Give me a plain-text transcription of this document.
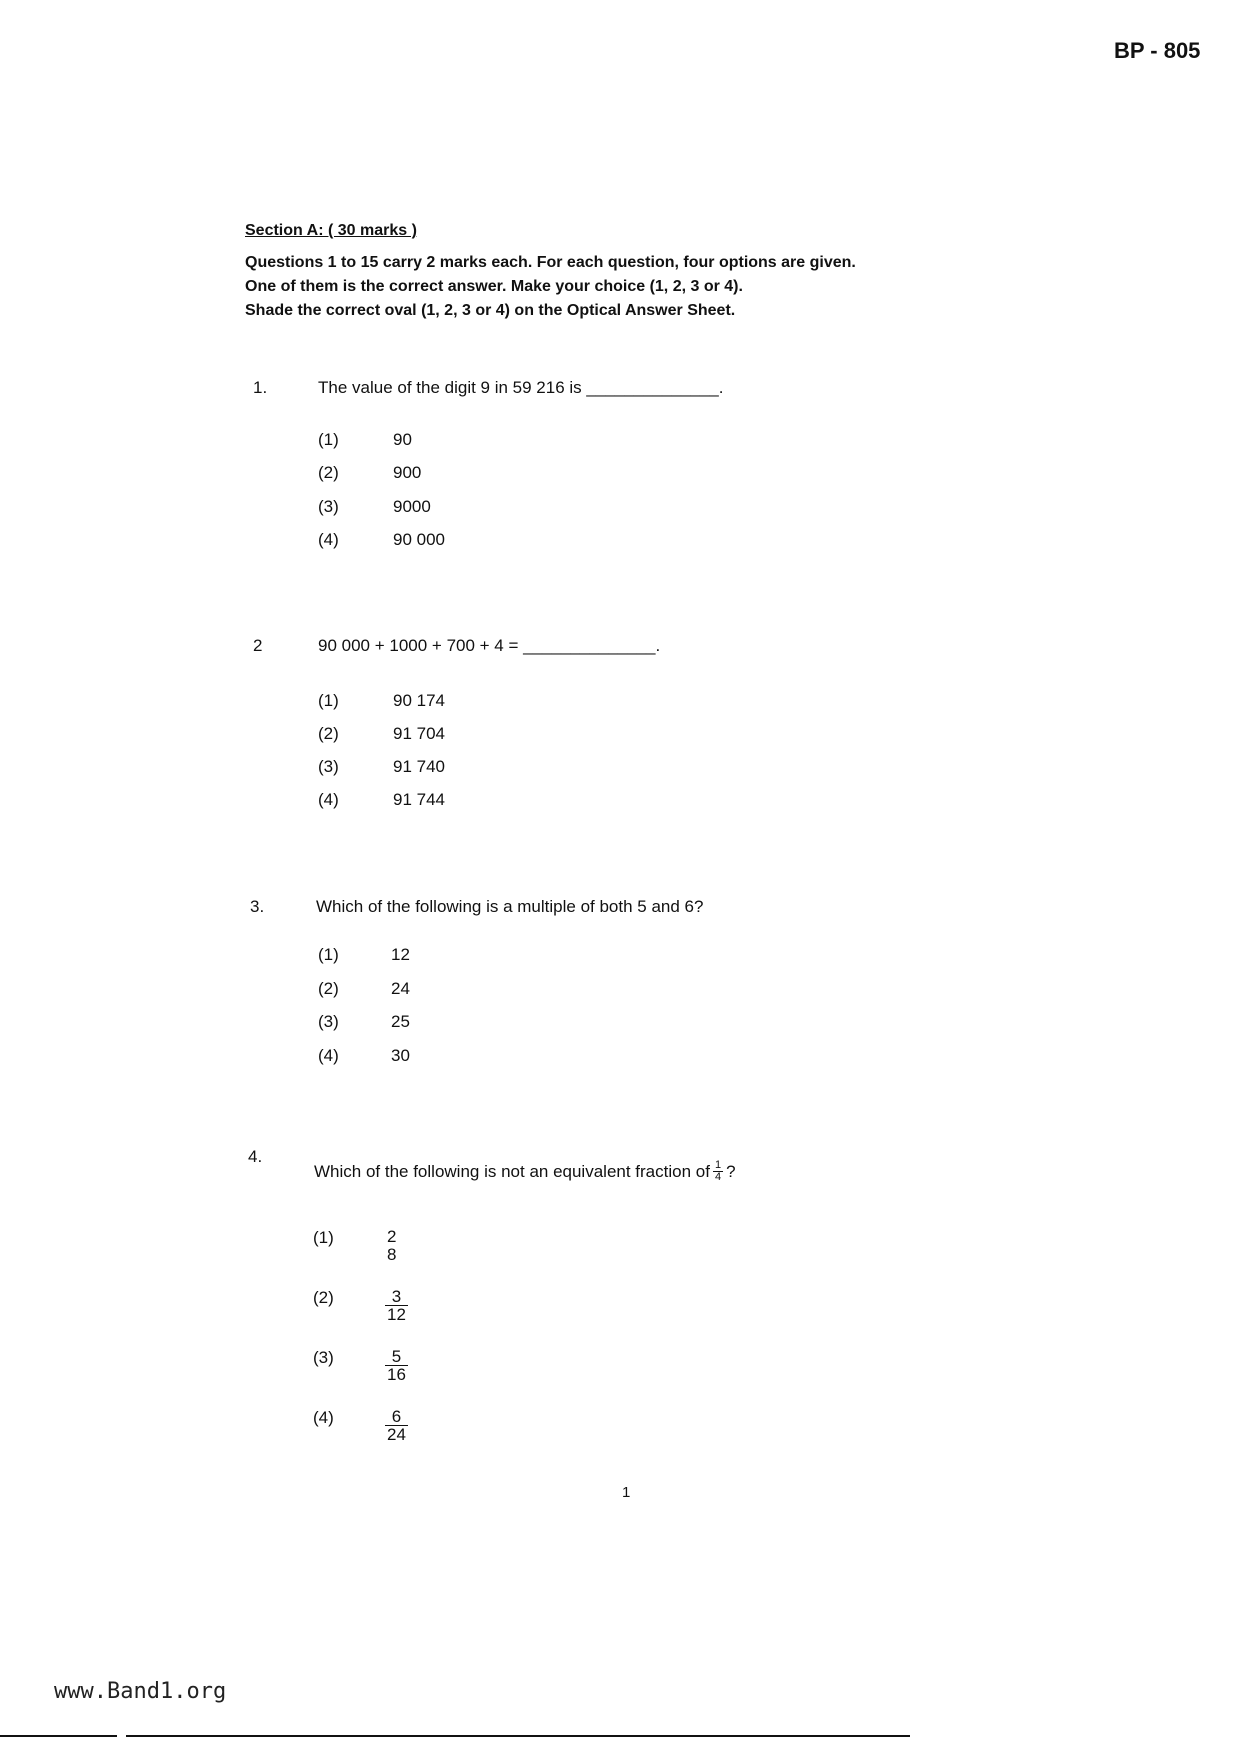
BP - 805
Section A: ( 30 marks )
Questions 1 to 15 carry 2 marks each. For each question, four options are given.
One of them is the correct answer. Make your choice (1, 2, 3 or 4).
Shade the correct oval (1, 2, 3 or 4) on the Optical Answer Sheet.
1.	The value of the digit 9 in 59 216 is ______________.
(1)	90
(2)	900
(3)	9000
(4)	90 000
2	90 000 + 1000 + 700 + 4 = ______________.
(1)	90 174
(2)	91 704
(3)	91 740
(4)	91 744
3.	Which of the following is a multiple of both 5 and 6?
(1)	12
(2)	24
(3)	25
(4)	30
4.
Which of the following is not an equivalent fraction of $\frac{1}{4}$ ?
(1)	2
8
(2)	$\frac{3}{12}$
(3)	$\frac{5}{16}$
(4)	$\frac{6}{24}$
1
www.Band1.org
